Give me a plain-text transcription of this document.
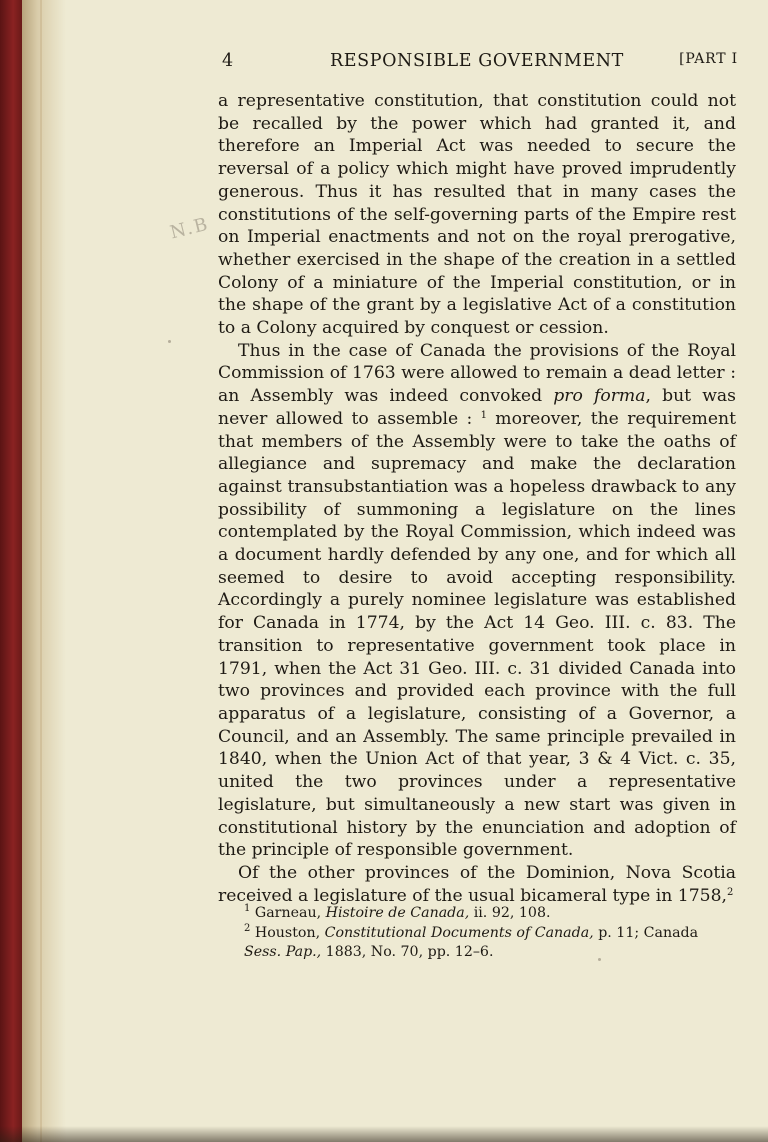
4	RESPONSIBLE GOVERNMENT	[PART I
N.B

a representative constitution, that constitution could not be recalled by the power which had granted it, and therefore an Imperial Act was needed to secure the reversal of a policy which might have proved imprudently generous. Thus it has resulted that in many cases the constitutions of the self-governing parts of the Empire rest on Imperial enactments and not on the royal prerogative, whether exercised in the shape of the creation in a settled Colony of a miniature of the Imperial constitution, or in the shape of the grant by a legislative Act of a constitution to a Colony acquired by conquest or cession.

Thus in the case of Canada the provisions of the Royal Commission of 1763 were allowed to remain a dead letter : an Assembly was indeed convoked pro forma, but was never allowed to assemble : $^1$ moreover, the requirement that members of the Assembly were to take the oaths of allegiance and supremacy and make the declaration against transubstantiation was a hopeless drawback to any possibility of summoning a legislature on the lines contemplated by the Royal Commission, which indeed was a document hardly defended by any one, and for which all seemed to desire to avoid accepting responsibility. Accordingly a purely nominee legislature was established for Canada in 1774, by the Act 14 Geo. III. c. 83. The transition to representative government took place in 1791, when the Act 31 Geo. III. c. 31 divided Canada into two provinces and provided each province with the full apparatus of a legislature, consisting of a Governor, a Council, and an Assembly. The same principle prevailed in 1840, when the Union Act of that year, 3 & 4 Vict. c. 35, united the two provinces under a representative legislature, but simultaneously a new start was given in constitutional history by the enunciation and adoption of the principle of responsible government.

Of the other provinces of the Dominion, Nova Scotia received a legislature of the usual bicameral type in 1758,$^2$

$^1$ Garneau, Histoire de Canada, ii. 92, 108.

$^2$ Houston, Constitutional Documents of Canada, p. 11; Canada Sess. Pap., 1883, No. 70, pp. 12–6.
